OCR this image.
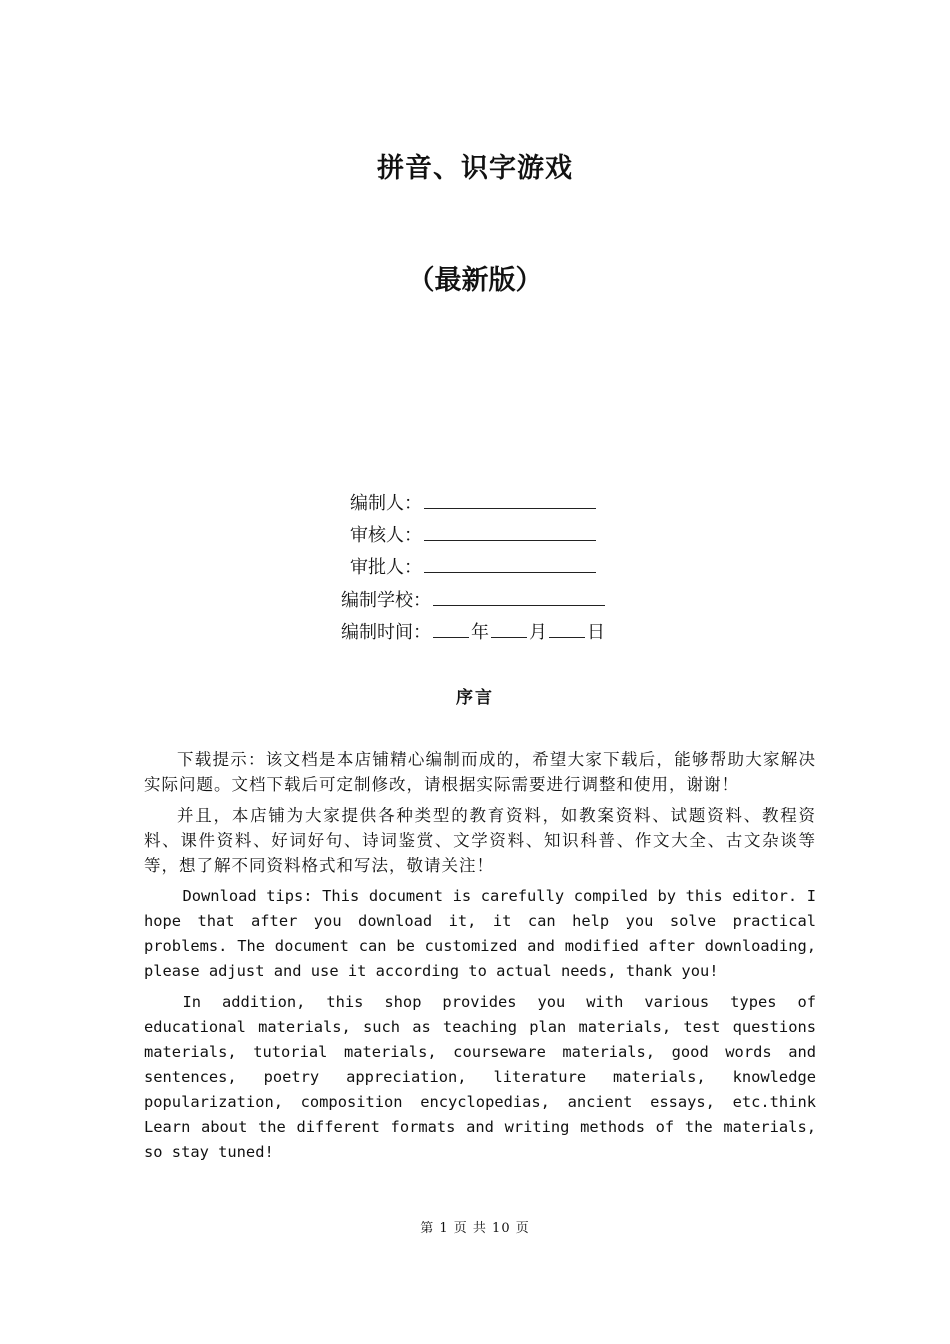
拼音、识字游戏
（最新版）
编制人：
审核人：
审批人：
编制学校：
编制时间： 年 月 日
序言

下载提示：该文档是本店铺精心编制而成的，希望大家下载后，能够帮助大家解决实际问题。文档下载后可定制修改，请根据实际需要进行调整和使用，谢谢！

并且，本店铺为大家提供各种类型的教育资料，如教案资料、试题资料、教程资料、课件资料、好词好句、诗词鉴赏、文学资料、知识科普、作文大全、古文杂谈等等，想了解不同资料格式和写法，敬请关注！

Download tips: This document is carefully compiled by this editor. I hope that after you download it, it can help you solve practical problems. The document can be customized and modified after downloading, please adjust and use it according to actual needs, thank you!

In addition, this shop provides you with various types of educational materials, such as teaching plan materials, test questions materials, tutorial materials, courseware materials, good words and sentences, poetry appreciation, literature materials, knowledge popularization, composition encyclopedias, ancient essays, etc.think Learn about the different formats and writing methods of the materials, so stay tuned!

第 1 页 共 10 页
